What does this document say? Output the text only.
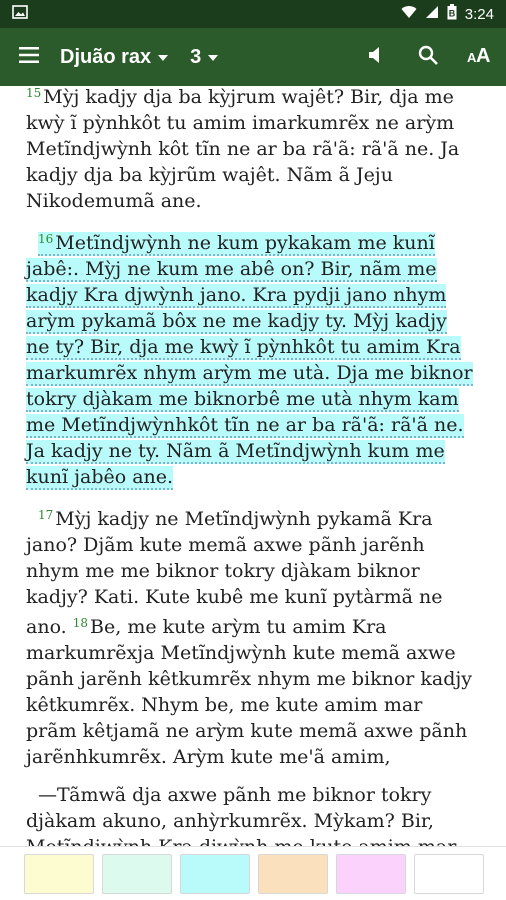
B 3:24
Djuão rax 3	A A

$^{15}$ Mỳj kadjy dja ba kỳjrum wajêt? Bir, dja me kwỳ ĩ pỳnhkôt tu amim imarkumrẽx ne arỳm Metĩndjwỳnh kôt tĩn ne ar ba rã'ã: rã'ã ne. Ja kadjy dja ba kỳjrũm wajêt. Nãm ã Jeju Nikodemumã ane.

$^{16}$ Metĩndjwỳnh ne kum pykakam me kunĩ jabê:. Mỳj ne kum me abê on? Bir, nãm me kadjy Kra djwỳnh jano. Kra pydji jano nhym arỳm pykamã bôx ne me kadjy ty. Mỳj kadjy ne ty? Bir, dja me kwỳ ĩ pỳnhkôt tu amim Kra markumrẽx nhym arỳm me utà. Dja me biknor tokry djàkam me biknorbê me utà nhym kam me Metĩndjwỳnhkôt tĩn ne ar ba rã'ã: rã'ã ne. Ja kadjy ne ty. Nãm ã Metĩndjwỳnh kum me kunĩ jabêo ane.

$^{17}$ Mỳj kadjy ne Metĩndjwỳnh pykamã Kra jano? Djãm kute memã axwe pãnh jarẽnh nhym me me biknor tokry djàkam biknor kadjy? Kati. Kute kubê me kunĩ pytàrmã ne ano. $^{18}$ Be, me kute arỳm tu amim Kra markumrẽxja Metĩndjwỳnh kute memã axwe pãnh jarẽnh kêtkumrẽx nhym me biknor kadjy kêtkumrẽx. Nhym be, me kute amim mar prãm kêtjamã ne arỳm kute memã axwe pãnh jarẽnhkumrẽx. Arỳm kute me'ã amim,

—Tãmwã dja axwe pãnh me biknor tokry djàkam akuno, anhỳrkumrẽx. Mỳkam? Bir,
